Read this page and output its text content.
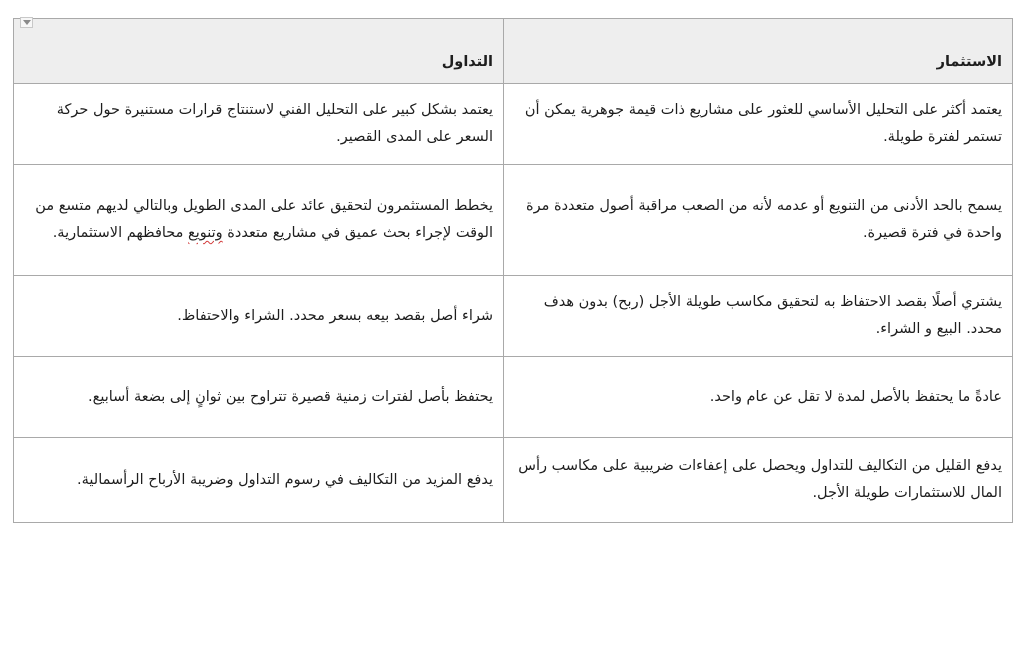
الاستثمار	التداول

يعتمد أكثر على التحليل الأساسي للعثور على مشاريع ذات قيمة جوهرية يمكن أن تستمر لفترة طويلة.	يعتمد بشكل كبير على التحليل الفني لاستنتاج قرارات مستنيرة حول حركة السعر على المدى القصير.
يسمح بالحد الأدنى من التنويع أو عدمه لأنه من الصعب مراقبة أصول متعددة مرة واحدة في فترة قصيرة.	يخطط المستثمرون لتحقيق عائد على المدى الطويل وبالتالي لديهم متسع من الوقت لإجراء بحث عميق في مشاريع متعددة وتنويع محافظهم الاستثمارية.
يشتري أصلًا بقصد الاحتفاظ به لتحقيق مكاسب طويلة الأجل (ربح) بدون هدف محدد. البيع و الشراء.	شراء أصل بقصد بيعه بسعر محدد. الشراء والاحتفاظ.
عادةً ما يحتفظ بالأصل لمدة لا تقل عن عام واحد.	يحتفظ بأصل لفترات زمنية قصيرة تتراوح بين ثوانٍ إلى بضعة أسابيع.
يدفع القليل من التكاليف للتداول ويحصل على إعفاءات ضريبية على مكاسب رأس المال للاستثمارات طويلة الأجل.	يدفع المزيد من التكاليف في رسوم التداول وضريبة الأرباح الرأسمالية.
